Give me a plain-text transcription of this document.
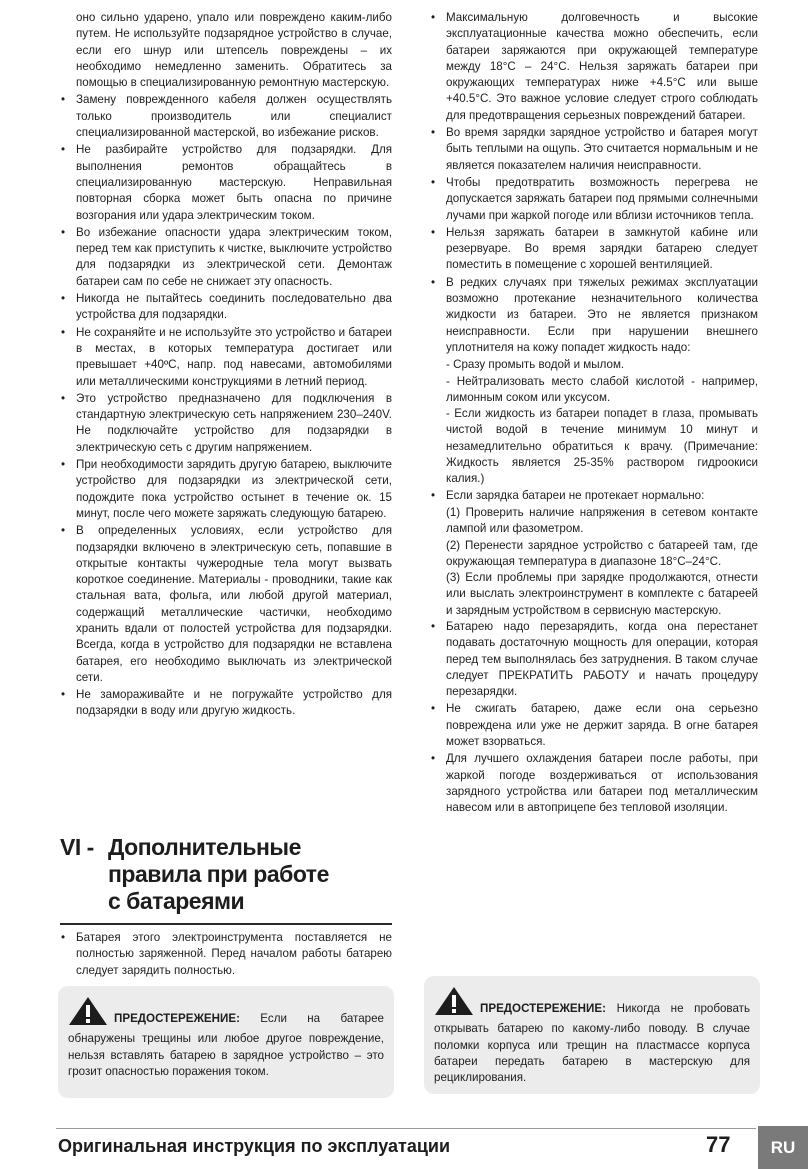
оно сильно ударено, упало или повреждено каким-либо путем. Не используйте подзарядное устройство в случае, если его шнур или штепсель повреждены – их необходимо немедленно заменить. Обратитесь за помощью в специализированную ремонтную мастерскую.

• Замену поврежденного кабеля должен осуществлять только производитель или специалист специализированной мастерской, во избежание рисков.

• Не разбирайте устройство для подзарядки. Для выполнения ремонтов обращайтесь в специализированную мастерскую. Неправильная повторная сборка может быть опасна по причине возгорания или удара электрическим током.

• Во избежание опасности удара электрическим током, перед тем как приступить к чистке, выключите устройство для подзарядки из электрической сети. Демонтаж батареи сам по себе не снижает эту опасность.

• Никогда не пытайтесь соединить последовательно два устройства для подзарядки.

• Не сохраняйте и не используйте это устройство и батареи в местах, в которых температура достигает или превышает +40ºC, напр. под навесами, автомобилями или металлическими конструкциями в летний период.

• Это устройство предназначено для подключения в стандартную электрическую сеть напряжением 230–240V. Не подключайте устройство для подзарядки в электрическую сеть с другим напряжением.

• При необходимости зарядить другую батарею, выключите устройство для подзарядки из электрической сети, подождите пока устройство остынет в течение ок. 15 минут, после чего можете заряжать следующую батарею.

• В определенных условиях, если устройство для подзарядки включено в электрическую сеть, попавшие в открытые контакты чужеродные тела могут вызвать короткое соединение. Материалы - проводники, такие как стальная вата, фольга, или любой другой материал, содержащий металлические частички, необходимо хранить вдали от полостей устройства для подзарядки. Всегда, когда в устройство для подзарядки не вставлена батарея, его необходимо выключать из электрической сети.

• Не замораживайте и не погружайте устройство для подзарядки в воду или другую жидкость.

VI - Дополнительные
правила при работе
с батареями

• Батарея этого электроинструмента поставляется не полностью заряженной. Перед началом работы батарею следует зарядить полностью.

ПРЕДОСТЕРЕЖЕНИЕ: Если на батарее обнаружены трещины или любое другое повреждение, нельзя вставлять батарею в зарядное устройство – это грозит опасностью поражения током.

• Максимальную долговечность и высокие эксплуатационные качества можно обеспечить, если батареи заряжаются при окружающей температуре между 18°C – 24°C. Нельзя заряжать батареи при окружающих температурах ниже +4.5°C или выше +40.5°C. Это важное условие следует строго соблюдать для предотвращения серьезных повреждений батареи.

• Во время зарядки зарядное устройство и батарея могут быть теплыми на ощупь. Это считается нормальным и не является показателем наличия неисправности.

• Чтобы предотвратить возможность перегрева не допускается заряжать батареи под прямыми солнечными лучами при жаркой погоде или вблизи источников тепла.

• Нельзя заряжать батареи в замкнутой кабине или резервуаре. Во время зарядки батарею следует поместить в помещение с хорошей вентиляцией.

• В редких случаях при тяжелых режимах эксплуатации возможно протекание незначительного количества жидкости из батареи. Это не является признаком неисправности. Если при нарушении внешнего уплотнителя на кожу попадет жидкость надо:

- Сразу промыть водой и мылом.

- Нейтрализовать место слабой кислотой - например, лимонным соком или уксусом.

- Если жидкость из батареи попадет в глаза, промывать чистой водой в течение минимум 10 минут и незамедлительно обратиться к врачу. (Примечание: Жидкость является 25-35% раствором гидроокиси калия.)

• Если зарядка батареи не протекает нормально:

(1) Проверить наличие напряжения в сетевом контакте лампой или фазометром.

(2) Перенести зарядное устройство с батареей там, где окружающая температура в диапазоне 18°C–24°C.

(3) Если проблемы при зарядке продолжаются, отнести или выслать электроинструмент в комплекте с батареей и зарядным устройством в сервисную мастерскую.

• Батарею надо перезарядить, когда она перестанет подавать достаточную мощность для операции, которая перед тем выполнялась без затруднения. В таком случае следует ПРЕКРАТИТЬ РАБОТУ и начать процедуру перезарядки.

• Не сжигать батарею, даже если она серьезно повреждена или уже не держит заряда. В огне батарея может взорваться.

• Для лучшего охлаждения батареи после работы, при жаркой погоде воздерживаться от использования зарядного устройства или батареи под металлическим навесом или в автоприцепе без тепловой изоляции.

ПРЕДОСТЕРЕЖЕНИЕ: Никогда не пробовать открывать батарею по какому-либо поводу. В случае поломки корпуса или трещин на пластмассе корпуса батареи передать батарею в мастерскую для рециклирования.
Оригинальная инструкция по эксплуатации	77	RU
